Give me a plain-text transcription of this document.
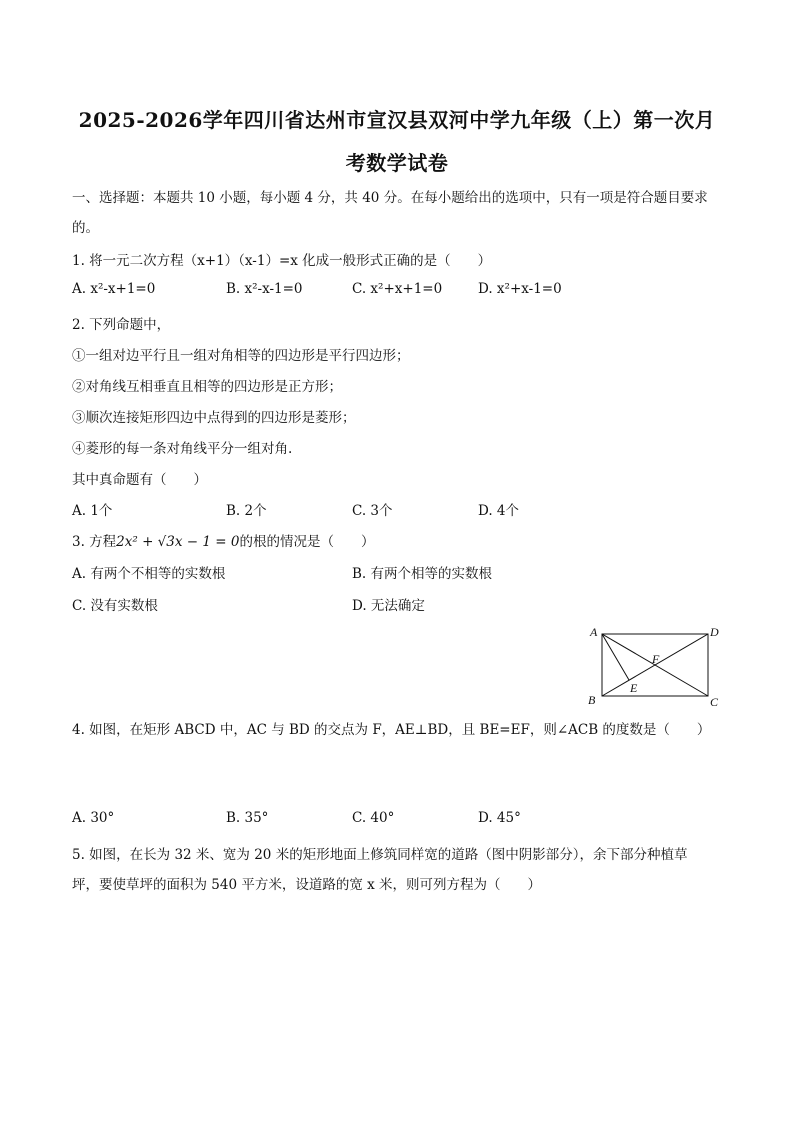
2025-2026学年四川省达州市宣汉县双河中学九年级（上）第一次月
考数学试卷
一、选择题：本题共 10 小题，每小题 4 分，共 40 分。在每小题给出的选项中，只有一项是符合题目要求
的。
1. 将一元二次方程（x+1）（x-1）=x 化成一般形式正确的是（　　）
A. x²-x+1=0	B. x²-x-1=0	C. x²+x+1=0	D. x²+x-1=0
2. 下列命题中，
①一组对边平行且一组对角相等的四边形是平行四边形；
②对角线互相垂直且相等的四边形是正方形；
③顺次连接矩形四边中点得到的四边形是菱形；
④菱形的每一条对角线平分一组对角.
其中真命题有（　　）
A. 1个	B. 2个	C. 3个	D. 4个
3. 方程2x² + √3x − 1 = 0的根的情况是（　　）
A. 有两个不相等的实数根	B. 有两个相等的实数根
C. 没有实数根	D. 无法确定
A	D
F
E
B	C
4. 如图，在矩形 ABCD 中，AC 与 BD 的交点为 F，AE⊥BD，且 BE=EF，则∠ACB 的度数是（　　）
A. 30°	B. 35°	C. 40°	D. 45°
5. 如图，在长为 32 米、宽为 20 米的矩形地面上修筑同样宽的道路（图中阴影部分），余下部分种植草
坪，要使草坪的面积为 540 平方米，设道路的宽 x 米，则可列方程为（　　）
